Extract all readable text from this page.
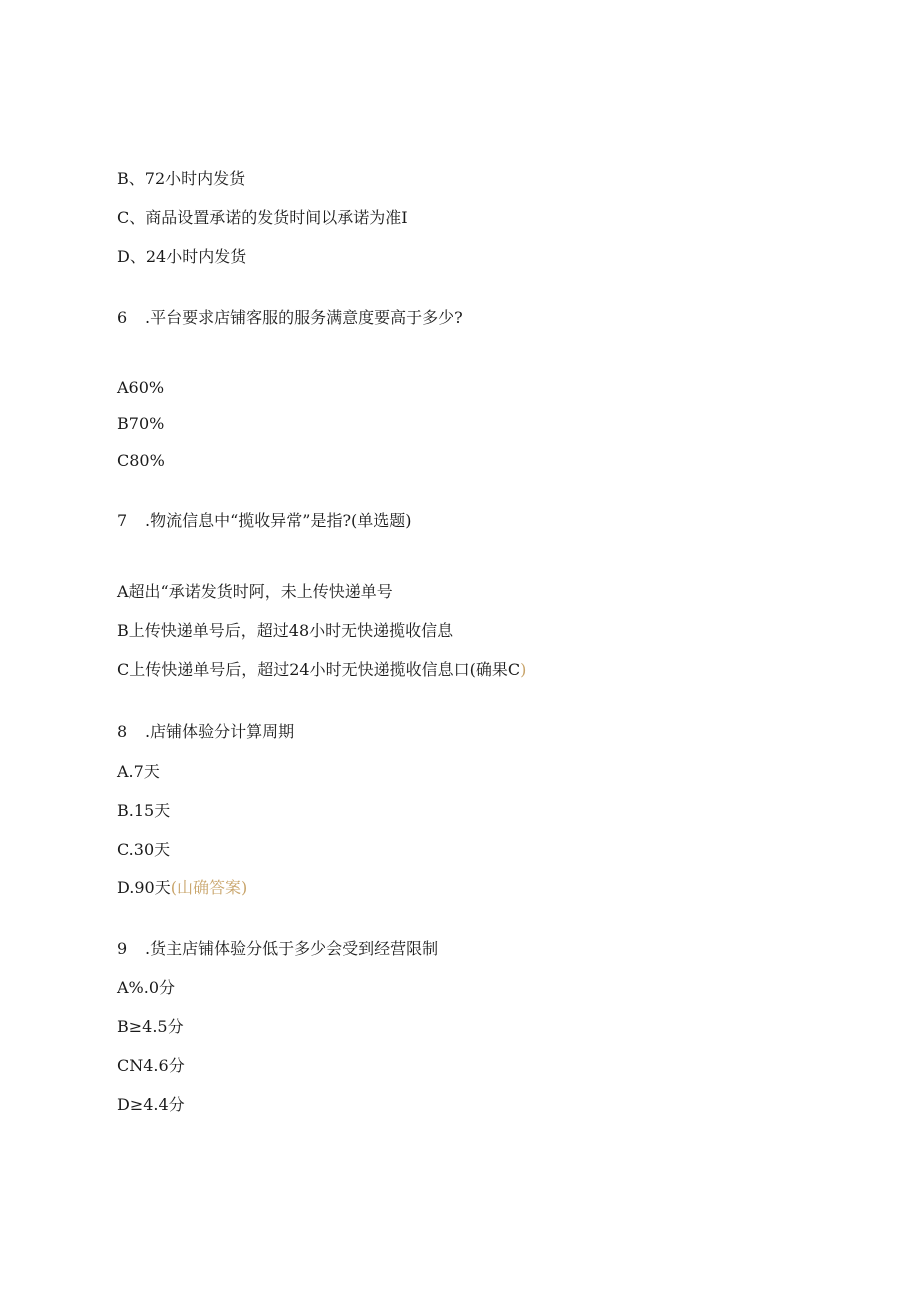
B、72小时内发货
C、商品设置承诺的发货时间以承诺为准I
D、24小时内发货
6 .平台要求店铺客服的服务满意度要高于多少?
A60%
B70%
C80%
7 .物流信息中“揽收异常”是指?(单选题)
A超出“承诺发货时阿，未上传快递单号
B上传快递单号后，超过48小时无快递揽收信息
C上传快递单号后，超过24小时无快递揽收信息口(确果C)
8 .店铺体验分计算周期
A.7天
B.15天
C.30天
D.90天(山确答案)
9 .货主店铺体验分低于多少会受到经营限制
A%.0分
B≥4.5分
CN4.6分
D≥4.4分
